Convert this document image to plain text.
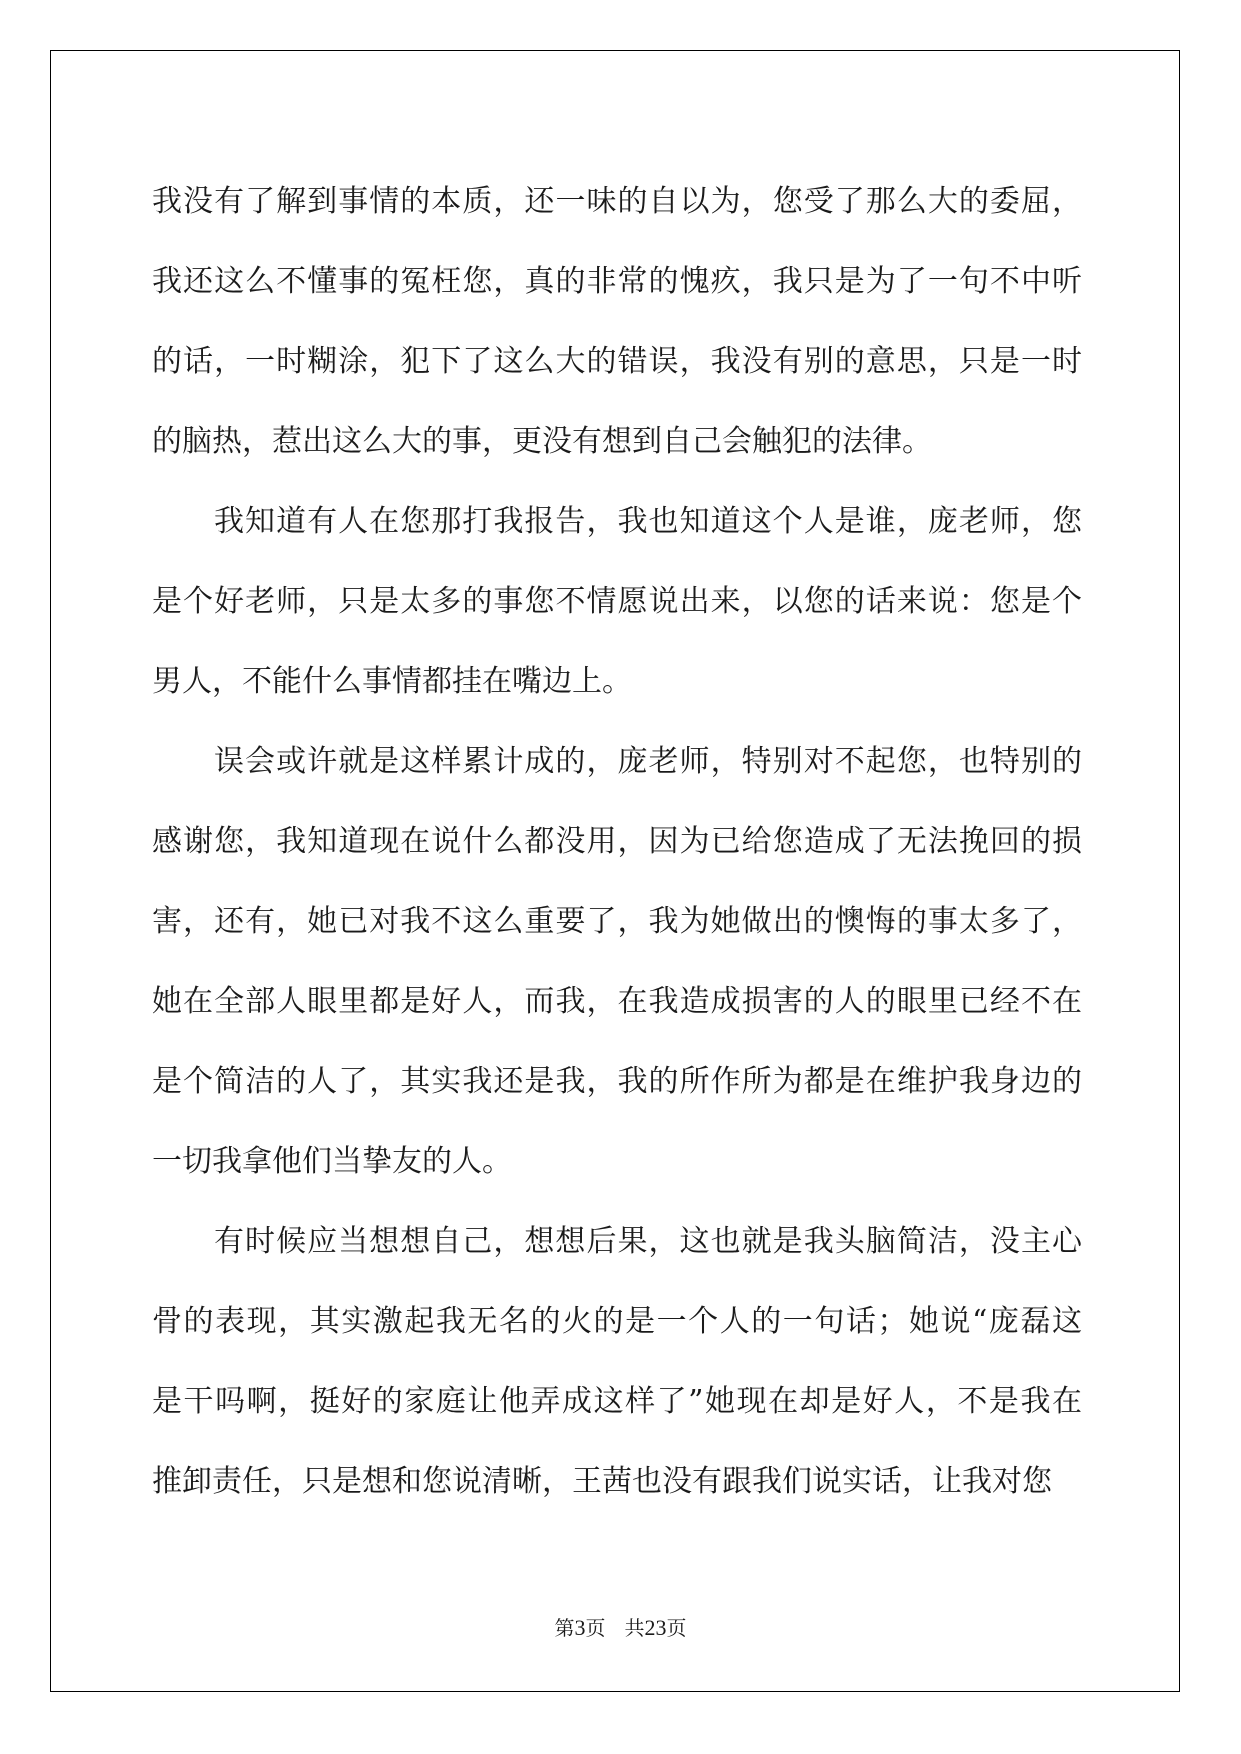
我没有了解到事情的本质，还一味的自以为，您受了那么大的委屈，
我还这么不懂事的冤枉您，真的非常的愧疚，我只是为了一句不中听
的话，一时糊涂，犯下了这么大的错误，我没有别的意思，只是一时
的脑热，惹出这么大的事，更没有想到自己会触犯的法律。
我知道有人在您那打我报告，我也知道这个人是谁，庞老师，您
是个好老师，只是太多的事您不情愿说出来，以您的话来说：您是个
男人，不能什么事情都挂在嘴边上。
误会或许就是这样累计成的，庞老师，特别对不起您，也特别的
感谢您，我知道现在说什么都没用，因为已给您造成了无法挽回的损
害，还有，她已对我不这么重要了，我为她做出的懊悔的事太多了，
她在全部人眼里都是好人，而我，在我造成损害的人的眼里已经不在
是个简洁的人了，其实我还是我，我的所作所为都是在维护我身边的
一切我拿他们当挚友的人。
有时候应当想想自己，想想后果，这也就是我头脑简洁，没主心
骨的表现，其实激起我无名的火的是一个人的一句话；她说“庞磊这
是干吗啊，挺好的家庭让他弄成这样了”她现在却是好人，不是我在
推卸责任，只是想和您说清晰，王茜也没有跟我们说实话，让我对您
第3页 共23页
